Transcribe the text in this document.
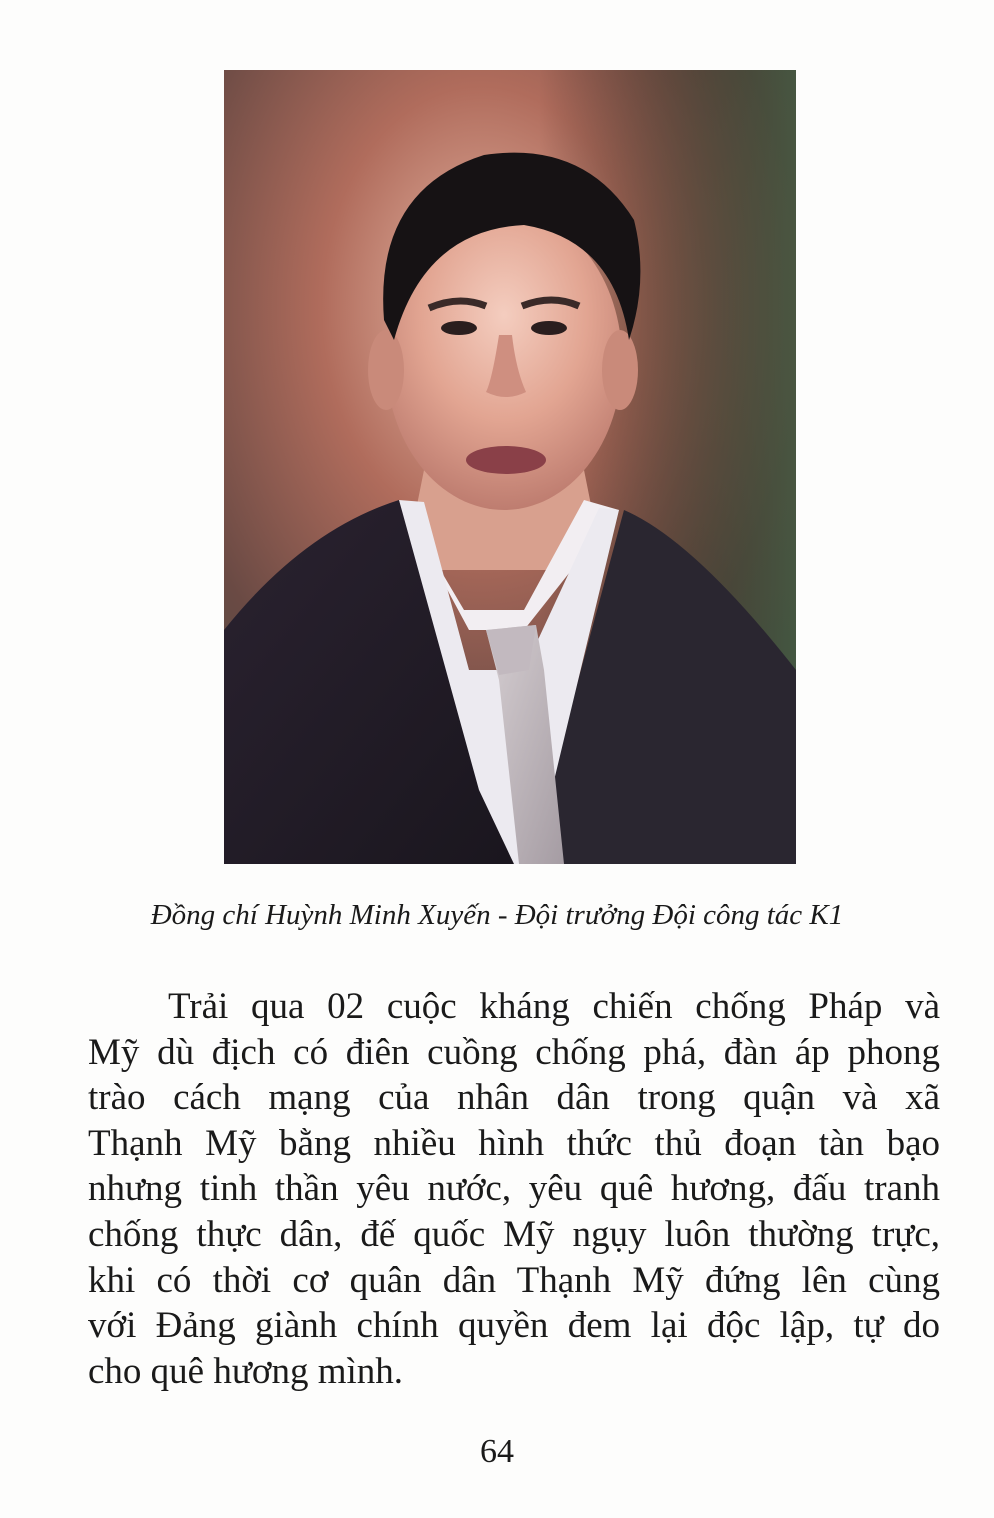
Đồng chí Huỳnh Minh Xuyến - Đội trưởng Đội công tác K1
Trải qua 02 cuộc kháng chiến chống Pháp và
Mỹ dù địch có điên cuồng chống phá, đàn áp phong
trào cách mạng của nhân dân trong quận và xã
Thạnh Mỹ bằng nhiều hình thức thủ đoạn tàn bạo
nhưng tinh thần yêu nước, yêu quê hương, đấu tranh
chống thực dân, đế quốc Mỹ ngụy luôn thường trực,
khi có thời cơ quân dân Thạnh Mỹ đứng lên cùng
với Đảng giành chính quyền đem lại độc lập, tự do
cho quê hương mình.
64
